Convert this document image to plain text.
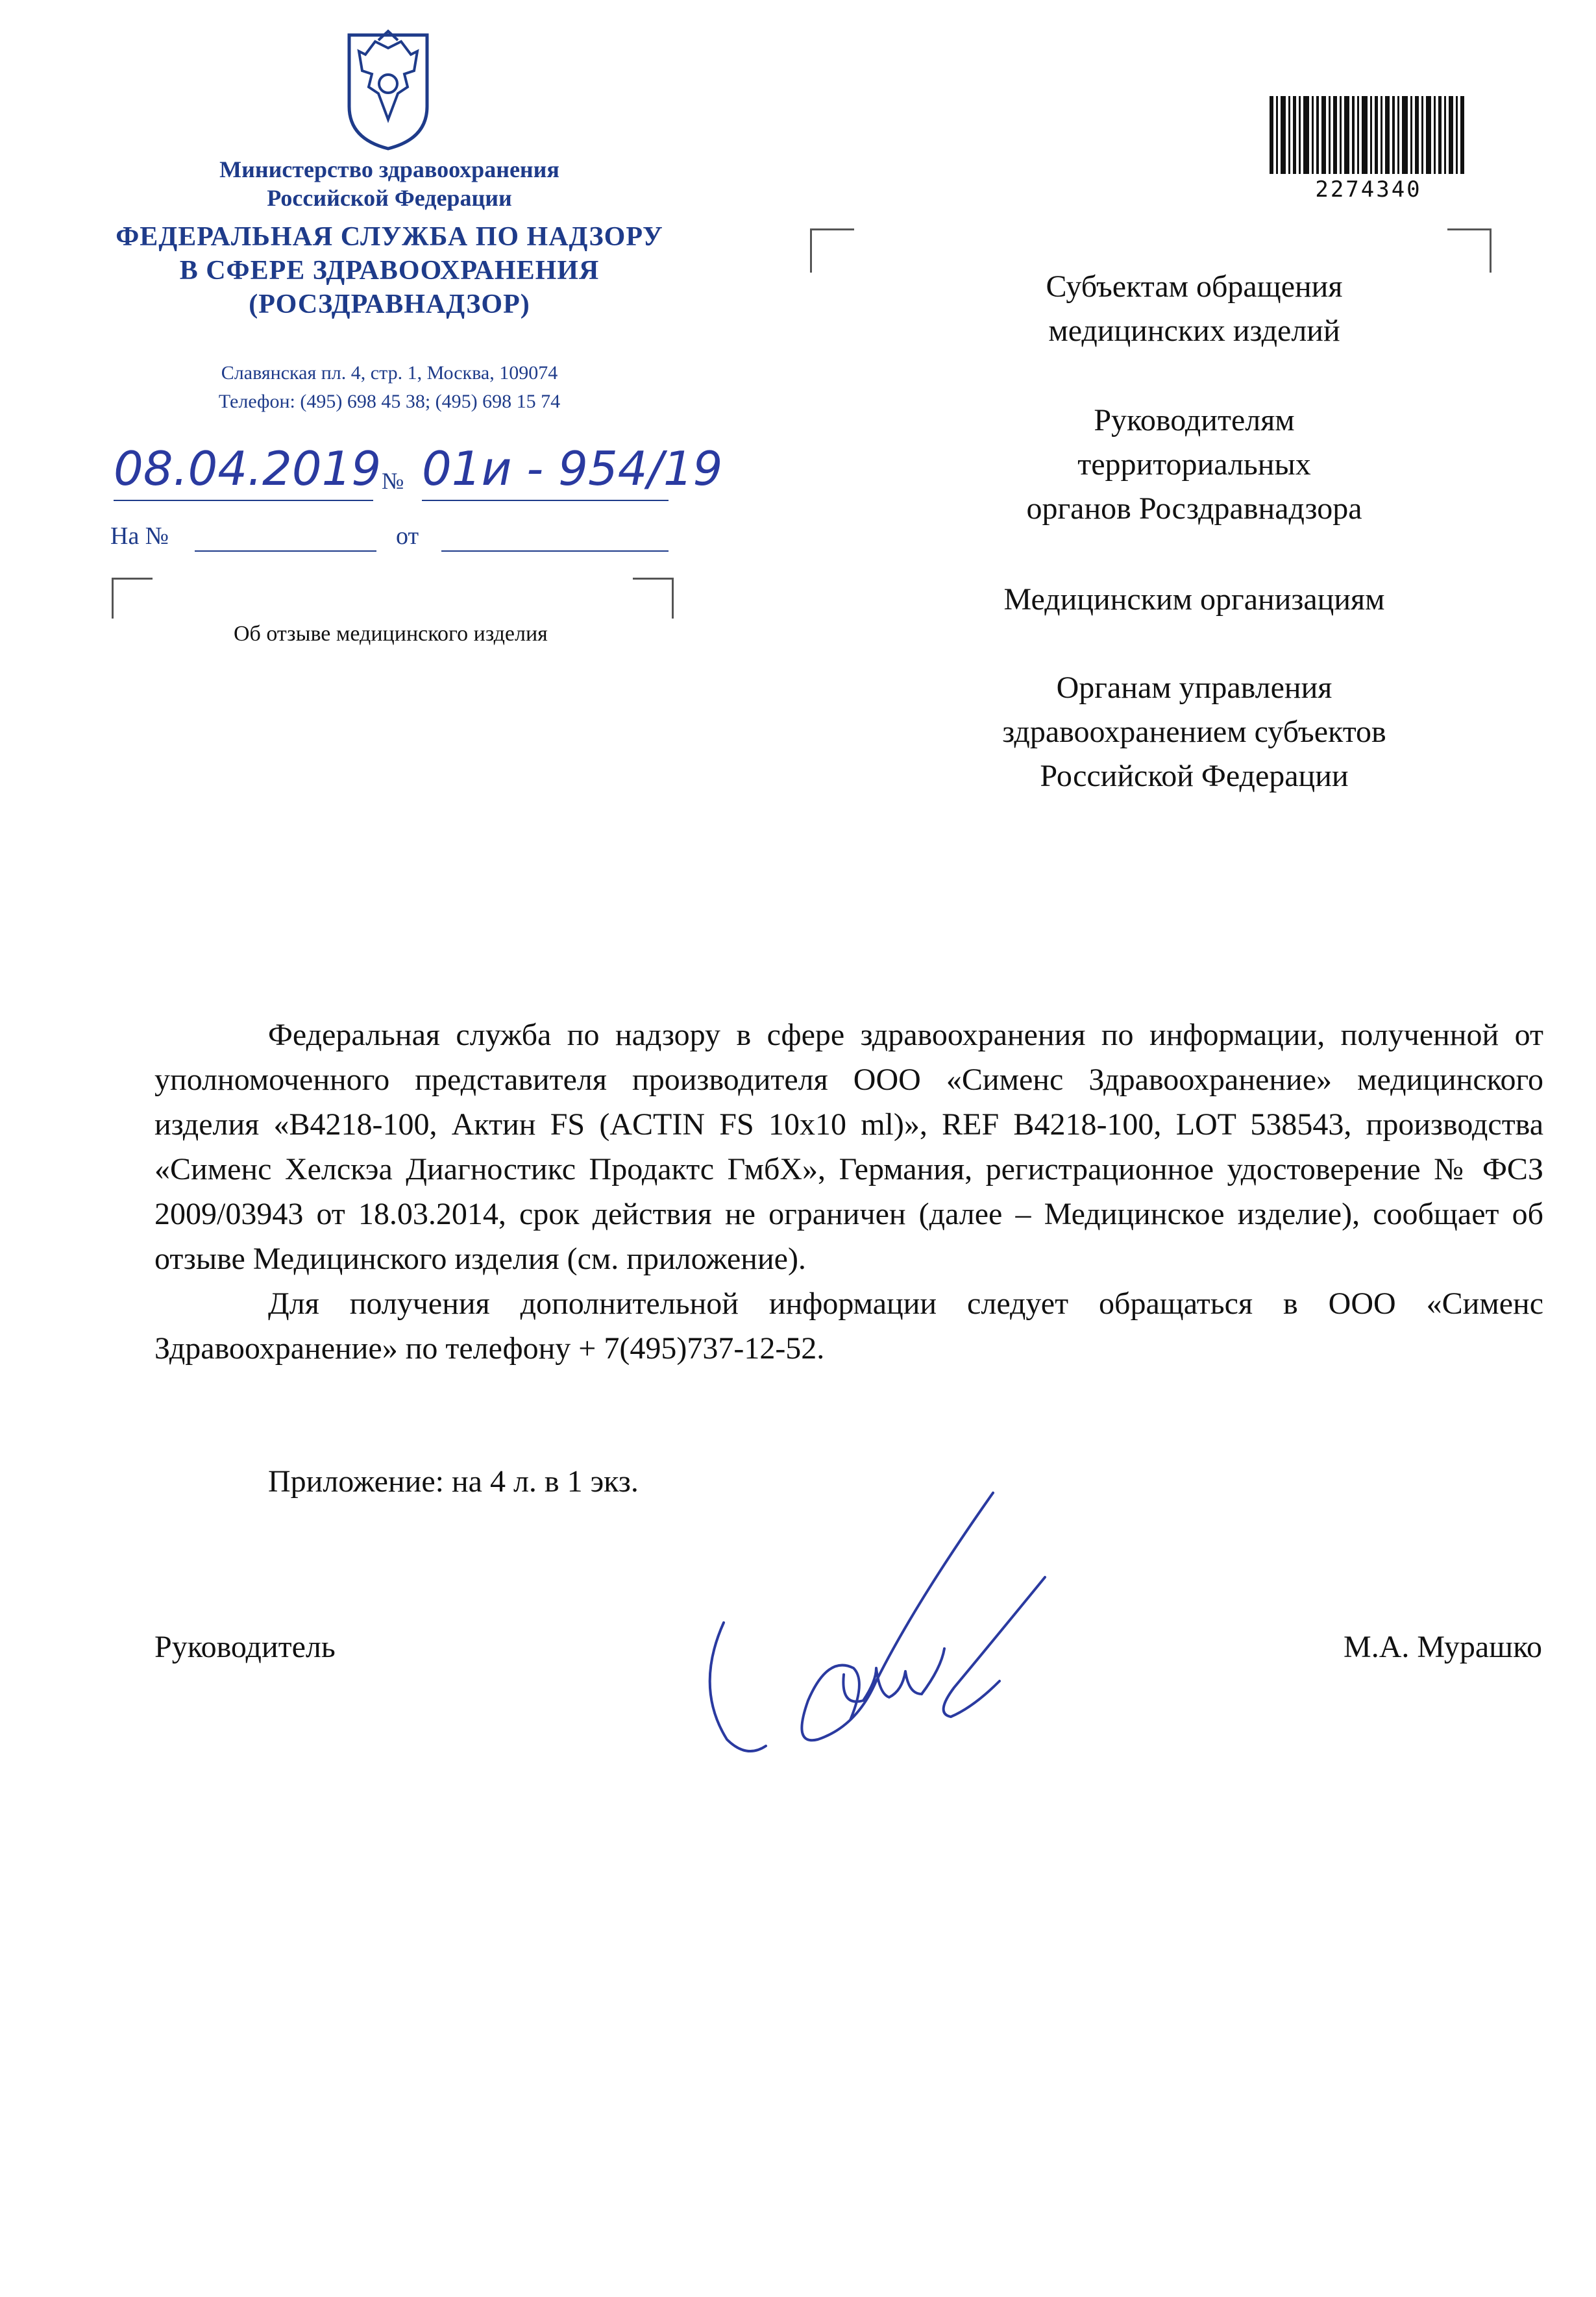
Министерство здравоохранения
Российской Федерации
ФЕДЕРАЛЬНАЯ СЛУЖБА ПО НАДЗОРУ
В СФЕРЕ ЗДРАВООХРАНЕНИЯ
(РОСЗДРАВНАДЗОР)
Славянская пл. 4, стр. 1, Москва, 109074
Телефон: (495) 698 45 38; (495) 698 15 74
08.04.2019 № 01и - 954/19
На №	от
Об отзыве медицинского изделия
2274340
Субъектам обращения
медицинских изделий
Руководителям
территориальных
органов Росздравнадзора
Медицинским организациям
Органам управления
здравоохранением субъектов
Российской Федерации

Федеральная служба по надзору в сфере здравоохранения по информации, полученной от уполномоченного представителя производителя ООО «Сименс Здравоохранение» медицинского изделия «B4218-100, Актин FS (ACTIN FS 10x10 ml)», REF B4218-100, LOT 538543, производства «Сименс Хелскэа Диагностикс Продактс ГмбХ», Германия, регистрационное удостоверение № ФСЗ 2009/03943 от 18.03.2014, срок действия не ограничен (далее – Медицинское изделие), сообщает об отзыве Медицинского изделия (см. приложение).

Для получения дополнительной информации следует обращаться в ООО «Сименс Здравоохранение» по телефону + 7(495)737-12-52.

Приложение: на 4 л. в 1 экз.

Руководитель	М.А. Мурашко
